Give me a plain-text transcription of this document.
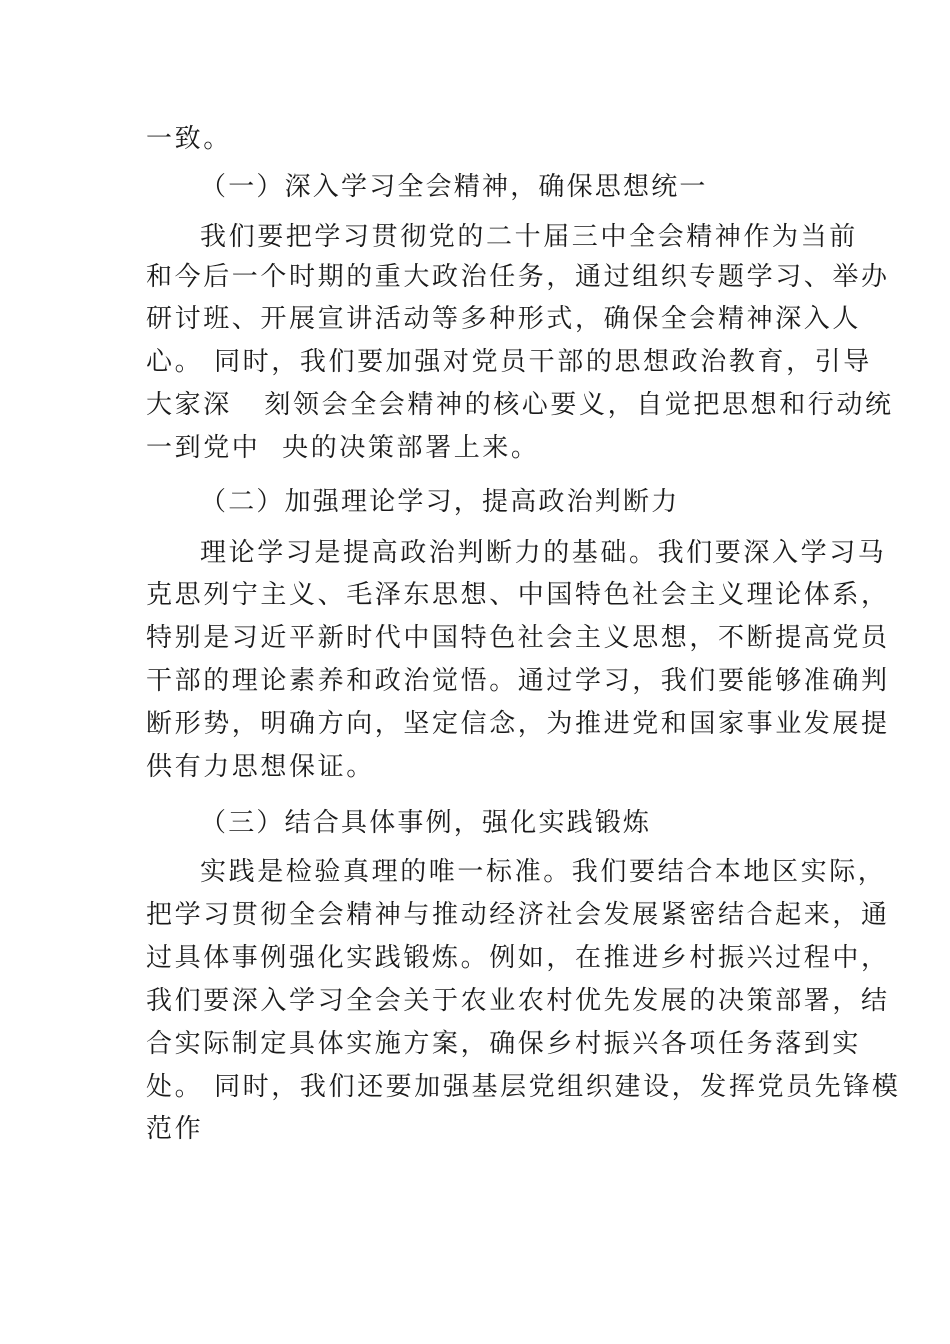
一致。
（一）深入学习全会精神，确保思想统一
我们要把学习贯彻党的二十届三中全会精神作为当前
和今后一个时期的重大政治任务，通过组织专题学习、举办
研讨班、开展宣讲活动等多种形式，确保全会精神深入人
心。 同时，我们要加强对党员干部的思想政治教育，引导
大家深   刻领会全会精神的核心要义，自觉把思想和行动统
一到党中  央的决策部署上来。
（二）加强理论学习，提高政治判断力
理论学习是提高政治判断力的基础。我们要深入学习马
克思列宁主义、毛泽东思想、中国特色社会主义理论体系，
特别是习近平新时代中国特色社会主义思想，不断提高党员
干部的理论素养和政治觉悟。通过学习，我们要能够准确判
断形势，明确方向，坚定信念，为推进党和国家事业发展提
供有力思想保证。
（三）结合具体事例，强化实践锻炼
实践是检验真理的唯一标准。我们要结合本地区实际，
把学习贯彻全会精神与推动经济社会发展紧密结合起来，通
过具体事例强化实践锻炼。例如，在推进乡村振兴过程中，
我们要深入学习全会关于农业农村优先发展的决策部署，结
合实际制定具体实施方案，确保乡村振兴各项任务落到实
处。 同时，我们还要加强基层党组织建设，发挥党员先锋模
范作
